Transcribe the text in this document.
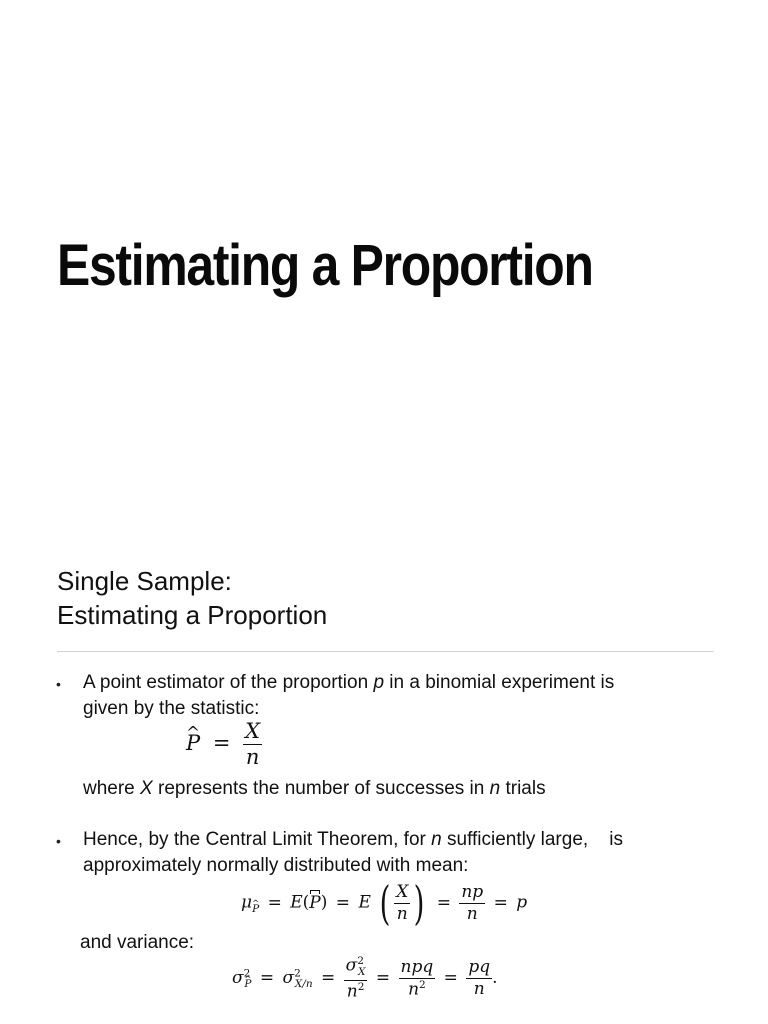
Estimating a Proportion
Single Sample:
Estimating a Proportion
• A point estimator of the proportion p in a binomial experiment is
given by the statistic:
^ $P = \frac{X}{n}$
where X represents the number of successes in n trials
• Hence, by the Central Limit Theorem, for n sufficiently large,    is
approximately normally distributed with mean:
μ^ $_P$ = E(P) = E ( $\frac{X}{n}$ ) = $\frac{np}{n} = p$
and variance:
$\sigma^2\^{}$ $_P = \sigma^2_{X/n} = \frac{\sigma^2_X}{n^2} = \frac{\text{npq}}{n^2} = \frac{pq}{n}$ .
